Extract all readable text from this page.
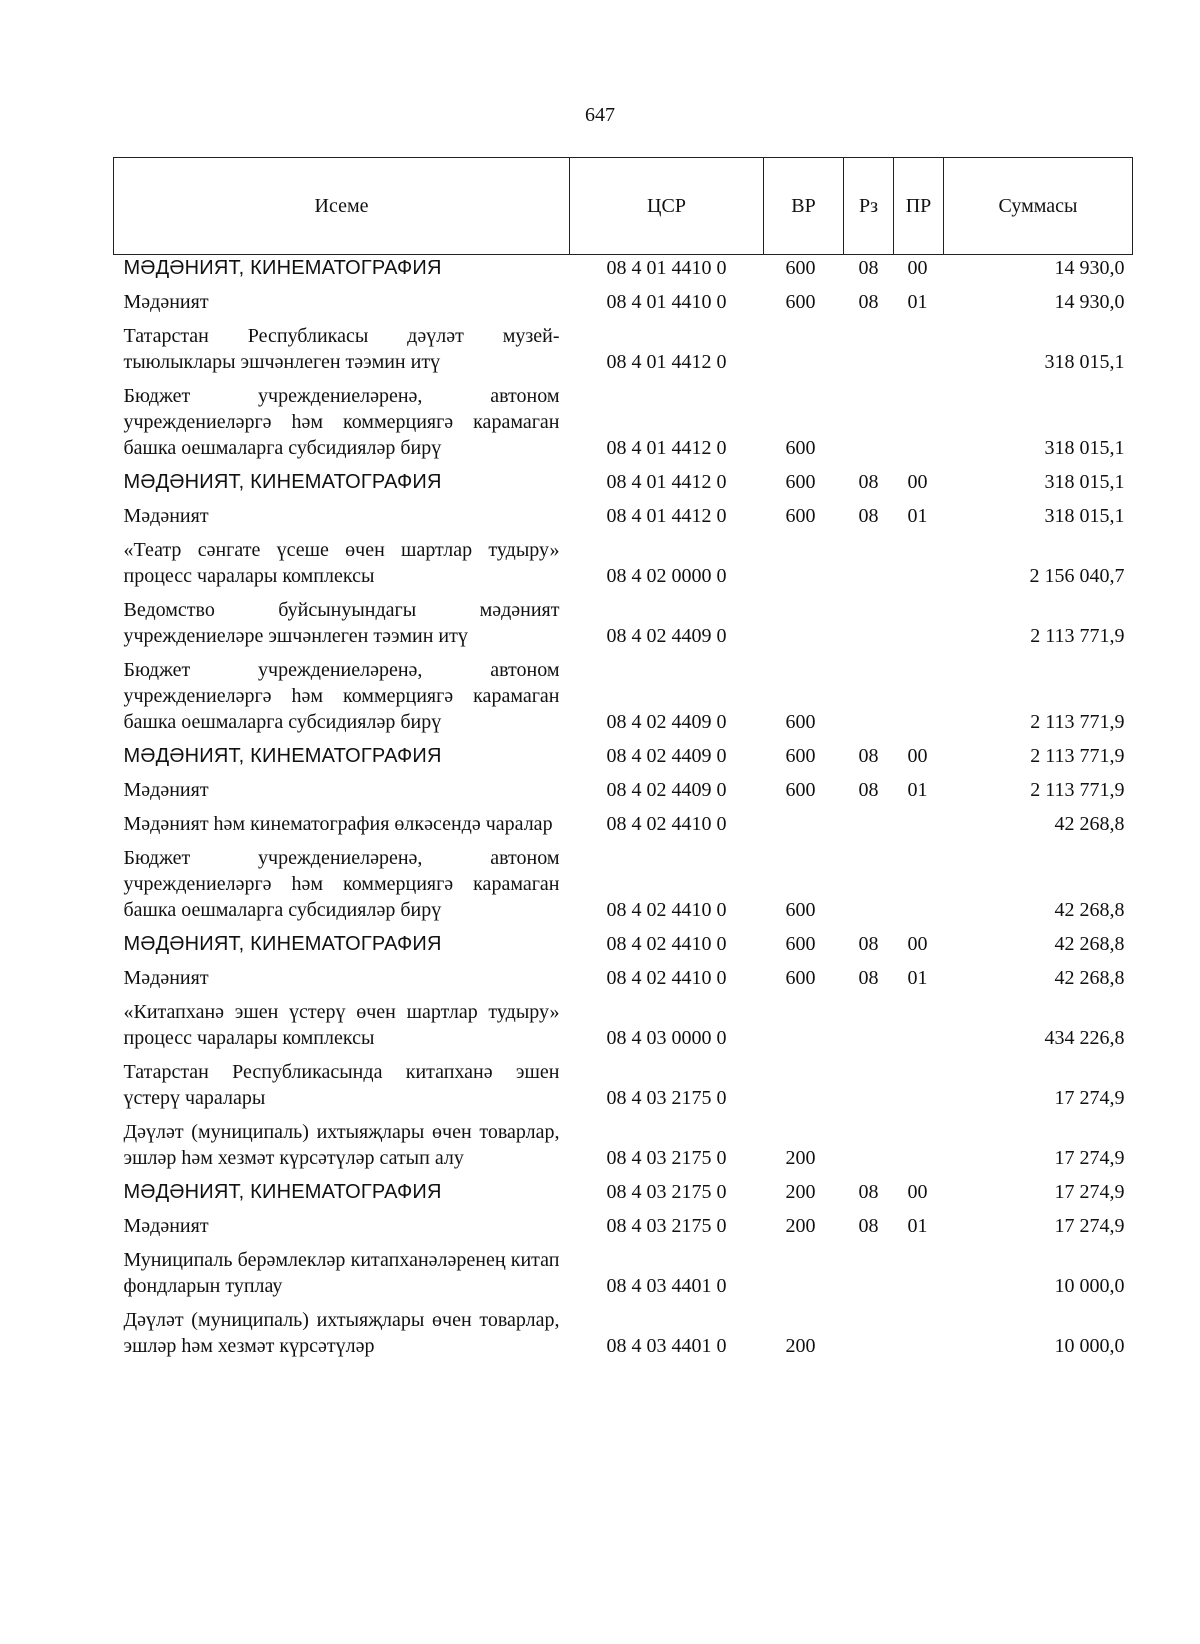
647
Исеме	ЦСР	ВР	Рз	ПР	Суммасы
МӘДӘНИЯТ, КИНЕМАТОГРАФИЯ	08 4 01 4410 0	600	08	00	14 930,0
Мәдәният	08 4 01 4410 0	600	08	01	14 930,0
Татарстан Республикасы дәүләт музей-тыюлыклары эшчәнлеген тәэмин итү	08 4 01 4412 0				318 015,1
Бюджет учреждениеләренә, автоном учреждениеләргә һәм коммерциягә карамаган башка оешмаларга субсидияләр бирү	08 4 01 4412 0	600			318 015,1
МӘДӘНИЯТ, КИНЕМАТОГРАФИЯ	08 4 01 4412 0	600	08	00	318 015,1
Мәдәният	08 4 01 4412 0	600	08	01	318 015,1
«Театр сәнгате үсеше өчен шартлар тудыру» процесс чаралары комплексы	08 4 02 0000 0				2 156 040,7
Ведомство буйсынуындагы мәдәният учреждениеләре эшчәнлеген тәэмин итү	08 4 02 4409 0				2 113 771,9
Бюджет учреждениеләренә, автоном учреждениеләргә һәм коммерциягә карамаган башка оешмаларга субсидияләр бирү	08 4 02 4409 0	600			2 113 771,9
МӘДӘНИЯТ, КИНЕМАТОГРАФИЯ	08 4 02 4409 0	600	08	00	2 113 771,9
Мәдәният	08 4 02 4409 0	600	08	01	2 113 771,9
Мәдәният һәм кинематография өлкәсендә чаралар	08 4 02 4410 0				42 268,8
Бюджет учреждениеләренә, автоном учреждениеләргә һәм коммерциягә карамаган башка оешмаларга субсидияләр бирү	08 4 02 4410 0	600			42 268,8
МӘДӘНИЯТ, КИНЕМАТОГРАФИЯ	08 4 02 4410 0	600	08	00	42 268,8
Мәдәният	08 4 02 4410 0	600	08	01	42 268,8
«Китапханә эшен үстерү өчен шартлар тудыру» процесс чаралары комплексы	08 4 03 0000 0				434 226,8
Татарстан Республикасында китапханә эшен үстерү чаралары	08 4 03 2175 0				17 274,9
Дәүләт (муниципаль) ихтыяҗлары өчен товарлар, эшләр һәм хезмәт күрсәтүләр сатып алу	08 4 03 2175 0	200			17 274,9
МӘДӘНИЯТ, КИНЕМАТОГРАФИЯ	08 4 03 2175 0	200	08	00	17 274,9
Мәдәният	08 4 03 2175 0	200	08	01	17 274,9
Муниципаль берәмлекләр китапханәләренең китап фондларын туплау	08 4 03 4401 0				10 000,0
Дәүләт (муниципаль) ихтыяҗлары өчен товарлар, эшләр һәм хезмәт күрсәтүләр	08 4 03 4401 0	200			10 000,0
